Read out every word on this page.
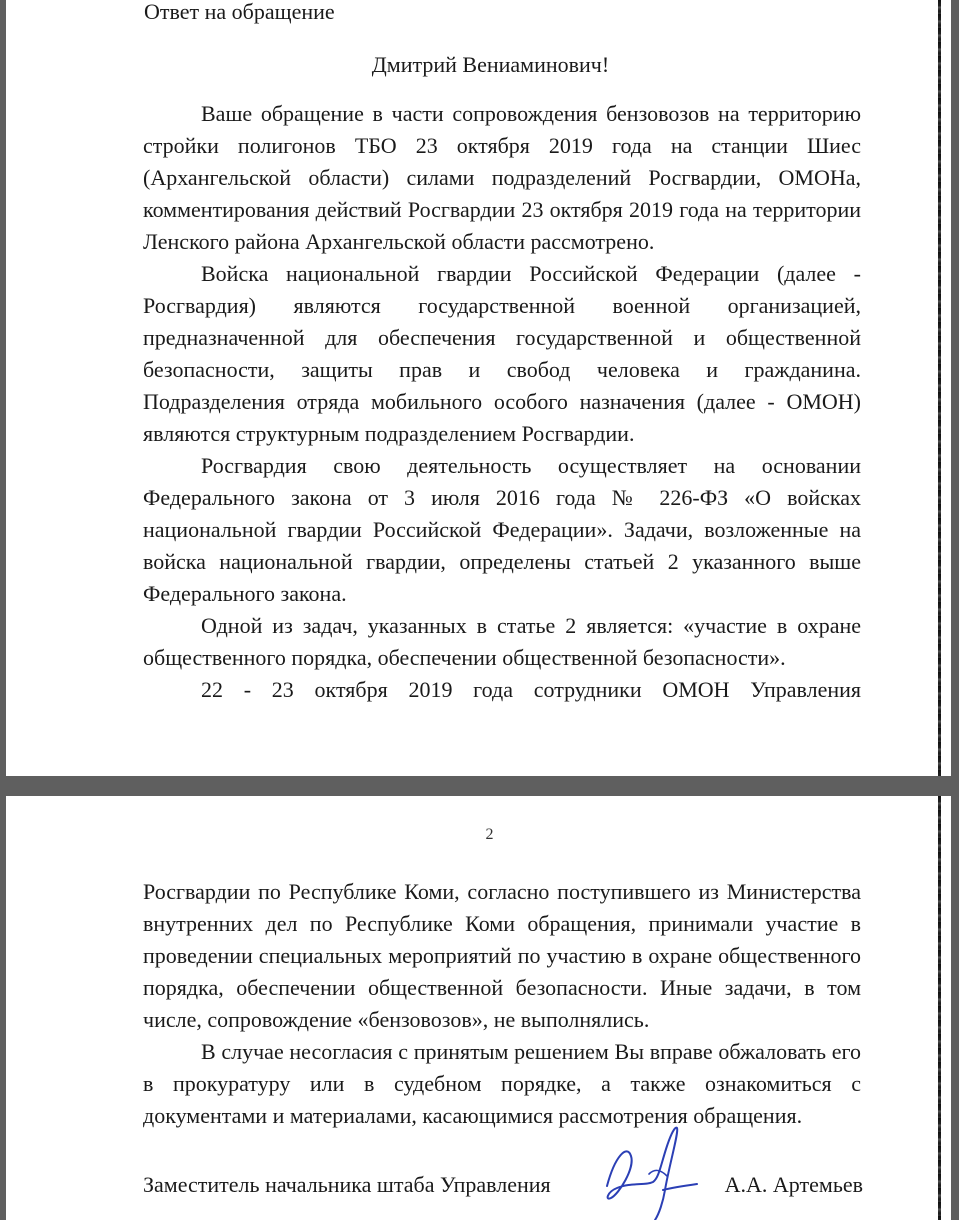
Ответ на обращение
Дмитрий Вениаминович!

Ваше обращение в части сопровождения бензовозов на территорию стройки полигонов ТБО 23 октября 2019 года на станции Шиес (Архангельской области) силами подразделений Росгвардии, ОМОНа, комментирования действий Росгвардии 23 октября 2019 года на территории Ленского района Архангельской области рассмотрено.

Войска национальной гвардии Российской Федерации (далее - Росгвардия) являются государственной военной организацией, предназначенной для обеспечения государственной и общественной безопасности, защиты прав и свобод человека и гражданина. Подразделения отряда мобильного особого назначения (далее - ОМОН) являются структурным подразделением Росгвардии.

Росгвардия свою деятельность осуществляет на основании Федерального закона от 3 июля 2016 года № 226-ФЗ «О войсках национальной гвардии Российской Федерации». Задачи, возложенные на войска национальной гвардии, определены статьей 2 указанного выше Федерального закона.

Одной из задач, указанных в статье 2 является: «участие в охране общественного порядка, обеспечении общественной безопасности».

22 - 23 октября 2019 года сотрудники ОМОН Управления

2

Росгвардии по Республике Коми, согласно поступившего из Министерства внутренних дел по Республике Коми обращения, принимали участие в проведении специальных мероприятий по участию в охране общественного порядка, обеспечении общественной безопасности. Иные задачи, в том числе, сопровождение «бензовозов», не выполнялись.

В случае несогласия с принятым решением Вы вправе обжаловать его в прокуратуру или в судебном порядке, а также ознакомиться с документами и материалами, касающимися рассмотрения обращения.

Заместитель начальника штаба Управления	А.А. Артемьев
